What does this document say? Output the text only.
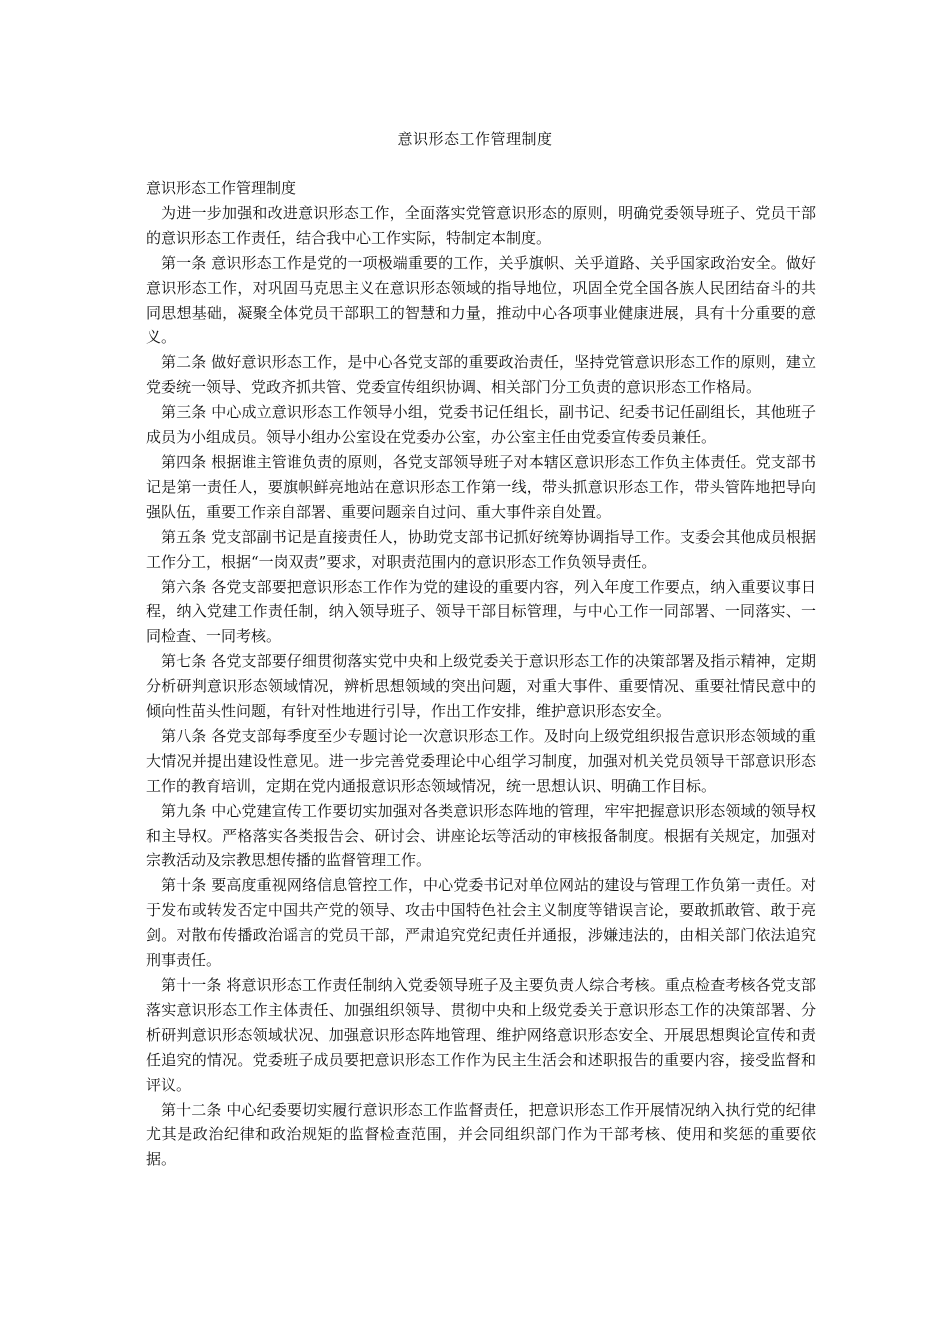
意识形态工作管理制度

意识形态工作管理制度

为进一步加强和改进意识形态工作，全面落实党管意识形态的原则，明确党委领导班子、党员干部的意识形态工作责任，结合我中心工作实际，特制定本制度。

第一条 意识形态工作是党的一项极端重要的工作，关乎旗帜、关乎道路、关乎国家政治安全。做好意识形态工作，对巩固马克思主义在意识形态领域的指导地位，巩固全党全国各族人民团结奋斗的共同思想基础，凝聚全体党员干部职工的智慧和力量，推动中心各项事业健康进展，具有十分重要的意义。

第二条 做好意识形态工作，是中心各党支部的重要政治责任，坚持党管意识形态工作的原则，建立党委统一领导、党政齐抓共管、党委宣传组织协调、相关部门分工负责的意识形态工作格局。

第三条 中心成立意识形态工作领导小组，党委书记任组长，副书记、纪委书记任副组长，其他班子成员为小组成员。领导小组办公室设在党委办公室，办公室主任由党委宣传委员兼任。

第四条 根据谁主管谁负责的原则，各党支部领导班子对本辖区意识形态工作负主体责任。党支部书记是第一责任人，要旗帜鲜亮地站在意识形态工作第一线，带头抓意识形态工作，带头管阵地把导向强队伍，重要工作亲自部署、重要问题亲自过问、重大事件亲自处置。

第五条 党支部副书记是直接责任人，协助党支部书记抓好统筹协调指导工作。支委会其他成员根据工作分工，根据“一岗双责”要求，对职责范围内的意识形态工作负领导责任。

第六条 各党支部要把意识形态工作作为党的建设的重要内容，列入年度工作要点，纳入重要议事日程，纳入党建工作责任制，纳入领导班子、领导干部目标管理，与中心工作一同部署、一同落实、一同检查、一同考核。

第七条 各党支部要仔细贯彻落实党中央和上级党委关于意识形态工作的决策部署及指示精神，定期分析研判意识形态领域情况，辨析思想领域的突出问题，对重大事件、重要情况、重要社情民意中的倾向性苗头性问题，有针对性地进行引导，作出工作安排，维护意识形态安全。

第八条 各党支部每季度至少专题讨论一次意识形态工作。及时向上级党组织报告意识形态领域的重大情况并提出建设性意见。进一步完善党委理论中心组学习制度，加强对机关党员领导干部意识形态工作的教育培训，定期在党内通报意识形态领域情况，统一思想认识、明确工作目标。

第九条 中心党建宣传工作要切实加强对各类意识形态阵地的管理，牢牢把握意识形态领域的领导权和主导权。严格落实各类报告会、研讨会、讲座论坛等活动的审核报备制度。根据有关规定，加强对宗教活动及宗教思想传播的监督管理工作。

第十条 要高度重视网络信息管控工作，中心党委书记对单位网站的建设与管理工作负第一责任。对于发布或转发否定中国共产党的领导、攻击中国特色社会主义制度等错误言论，要敢抓敢管、敢于亮剑。对散布传播政治谣言的党员干部，严肃追究党纪责任并通报，涉嫌违法的，由相关部门依法追究刑事责任。

第十一条 将意识形态工作责任制纳入党委领导班子及主要负责人综合考核。重点检查考核各党支部落实意识形态工作主体责任、加强组织领导、贯彻中央和上级党委关于意识形态工作的决策部署、分析研判意识形态领域状况、加强意识形态阵地管理、维护网络意识形态安全、开展思想舆论宣传和责任追究的情况。党委班子成员要把意识形态工作作为民主生活会和述职报告的重要内容，接受监督和评议。

第十二条 中心纪委要切实履行意识形态工作监督责任，把意识形态工作开展情况纳入执行党的纪律尤其是政治纪律和政治规矩的监督检查范围，并会同组织部门作为干部考核、使用和奖惩的重要依据。
